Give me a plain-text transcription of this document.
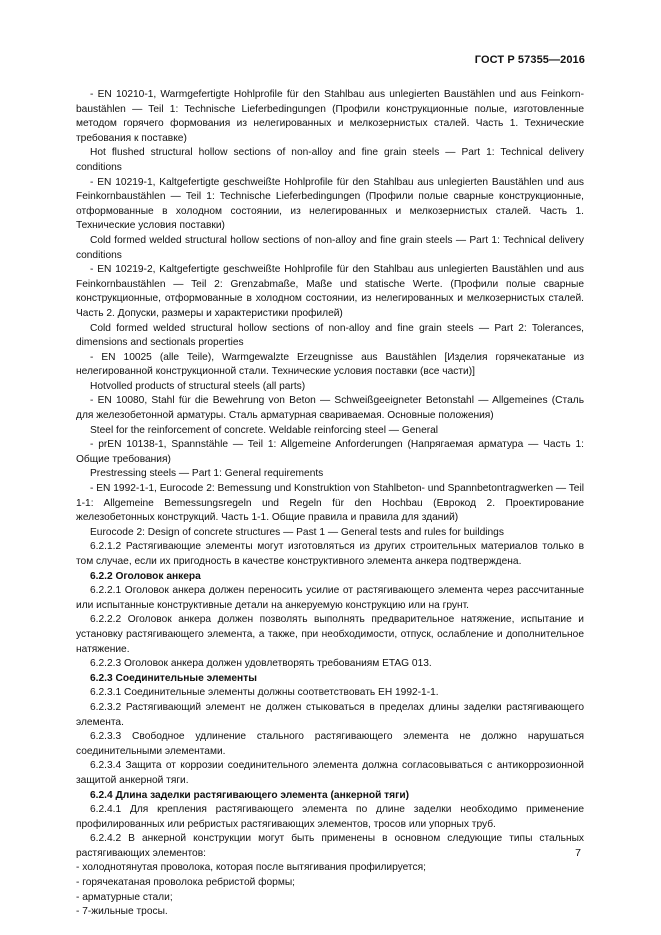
ГОСТ Р 57355—2016

- EN 10210-1, Warmgefertigte Hohlprofile für den Stahlbau aus unlegierten Baustählen und aus Feinkorn-baustählen — Teil 1: Technische Lieferbedingungen (Профили конструкционные полые, изготовленные методом горячего формования из нелегированных и мелкозернистых сталей. Часть 1. Технические требования к поставке)

Hot flushed structural hollow sections of non-alloy and fine grain steels — Part 1: Technical delivery conditions

- EN 10219-1, Kaltgefertigte geschweißte Hohlprofile für den Stahlbau aus unlegierten Baustählen und aus Feinkornbaustählen — Teil 1: Technische Lieferbedingungen (Профили полые сварные конструкционные, отформованные в холодном состоянии, из нелегированных и мелкозернистых сталей. Часть 1. Технические условия поставки)

Cold formed welded structural hollow sections of non-alloy and fine grain steels — Part 1: Technical delivery conditions

- EN 10219-2, Kaltgefertigte geschweißte Hohlprofile für den Stahlbau aus unlegierten Baustählen und aus Feinkornbaustählen — Teil 2: Grenzabmaße, Maße und statische Werte. (Профили полые сварные конструкционные, отформованные в холодном состоянии, из нелегированных и мелкозернистых сталей. Часть 2. Допуски, размеры и характеристики профилей)

Cold formed welded structural hollow sections of non-alloy and fine grain steels — Part 2: Tolerances, dimensions and sectionals properties

- EN 10025 (alle Teile), Warmgewalzte Erzeugnisse aus Baustählen [Изделия горячекатаные из нелегированной конструкционной стали. Технические условия поставки (все части)]

Hotvolled products of structural steels (all parts)

- EN 10080, Stahl für die Bewehrung von Beton — Schweißgeeigneter Betonstahl — Allgemeines (Сталь для железобетонной арматуры. Сталь арматурная свариваемая. Основные положения)

Steel for the reinforcement of concrete. Weldable reinforcing steel — General

- prEN 10138-1, Spannstähle — Teil 1: Allgemeine Anforderungen (Напрягаемая арматура — Часть 1: Общие требования)

Prestressing steels — Part 1: General requirements

- EN 1992-1-1, Eurocode 2: Bemessung und Konstruktion von Stahlbeton- und Spannbetontragwerken — Teil 1-1: Allgemeine Bemessungsregeln und Regeln für den Hochbau (Еврокод 2. Проектирование железобетонных конструкций. Часть 1-1. Общие правила и правила для зданий)

Eurocode 2: Design of concrete structures — Past 1 — General tests and rules for buildings

6.2.1.2 Растягивающие элементы могут изготовляться из других строительных материалов только в том случае, если их пригодность в качестве конструктивного элемента анкера подтверждена.

6.2.2 Оголовок анкера

6.2.2.1 Оголовок анкера должен переносить усилие от растягивающего элемента через рассчитанные или испытанные конструктивные детали на анкеруемую конструкцию или на грунт.

6.2.2.2 Оголовок анкера должен позволять выполнять предварительное натяжение, испытание и установку растягивающего элемента, а также, при необходимости, отпуск, ослабление и дополнительное натяжение.

6.2.2.3 Оголовок анкера должен удовлетворять требованиям ETAG 013.

6.2.3 Соединительные элементы

6.2.3.1 Соединительные элементы должны соответствовать ЕН 1992-1-1.

6.2.3.2 Растягивающий элемент не должен стыковаться в пределах длины заделки растягивающего элемента.

6.2.3.3 Свободное удлинение стального растягивающего элемента не должно нарушаться соединительными элементами.

6.2.3.4 Защита от коррозии соединительного элемента должна согласовываться с антикоррозионной защитой анкерной тяги.

6.2.4 Длина заделки растягивающего элемента (анкерной тяги)

6.2.4.1 Для крепления растягивающего элемента по длине заделки необходимо применение профилированных или ребристых растягивающих элементов, тросов или упорных труб.

6.2.4.2 В анкерной конструкции могут быть применены в основном следующие типы стальных растягивающих элементов:

- холоднотянутая проволока, которая после вытягивания профилируется;

- горячекатаная проволока ребристой формы;

- арматурные стали;

- 7-жильные тросы.

7
